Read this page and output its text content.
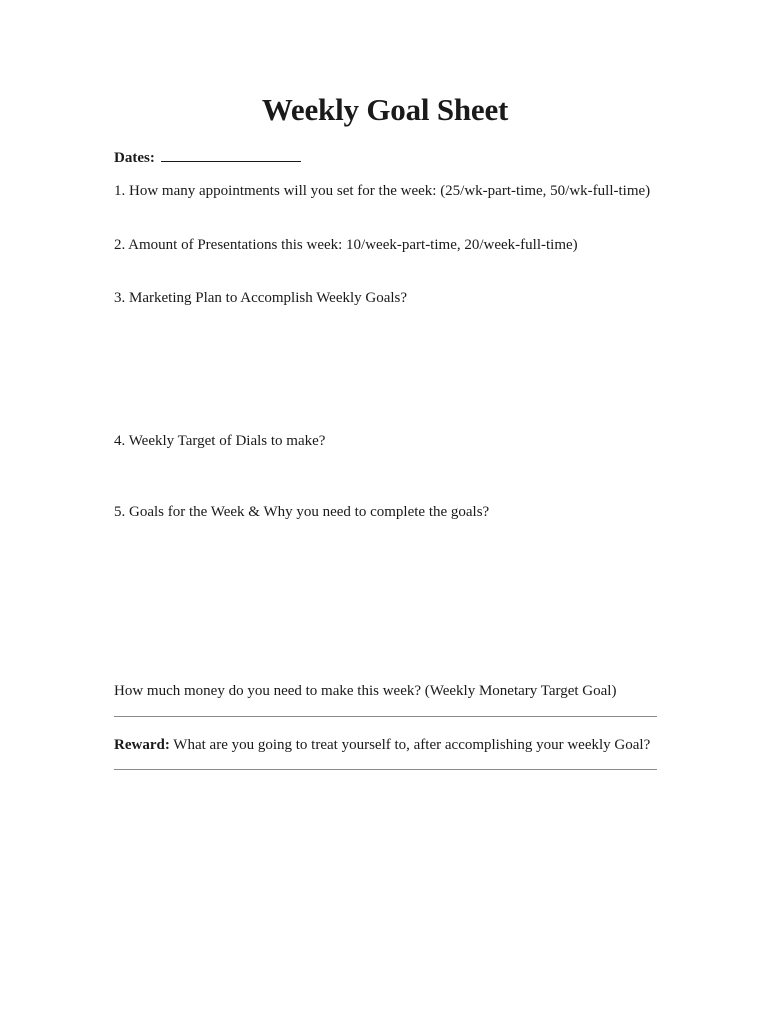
Weekly Goal Sheet
Dates:
1. How many appointments will you set for the week: (25/wk-part-time, 50/wk-full-time)
2. Amount of Presentations this week: 10/week-part-time, 20/week-full-time)
3. Marketing Plan to Accomplish Weekly Goals?
4. Weekly Target of Dials to make?
5. Goals for the Week & Why you need to complete the goals?
How much money do you need to make this week? (Weekly Monetary Target Goal)
Reward: What are you going to treat yourself to, after accomplishing your weekly Goal?
